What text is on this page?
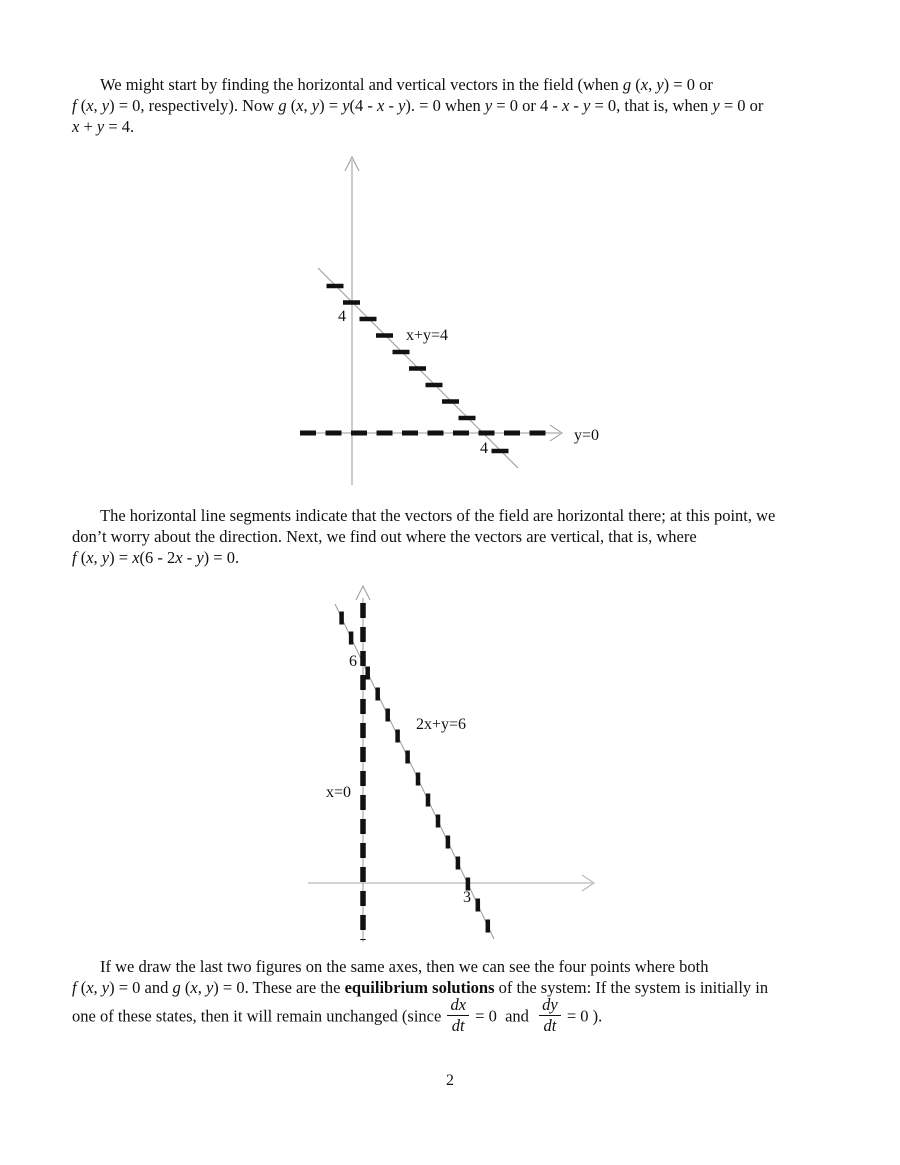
We might start by finding the horizontal and vertical vectors in the field (when g (x, y) = 0 or
f (x, y) = 0, respectively). Now g (x, y) = y(4 - x - y). = 0 when y = 0 or 4 - x - y = 0, that is, when y = 0 or
x + y = 4.
4
x+y=4
4
y=0
The horizontal line segments indicate that the vectors of the field are horizontal there; at this point, we
don’t worry about the direction. Next, we find out where the vectors are vertical, that is, where
f (x, y) = x(6 - 2x - y) = 0.
6
2x+y=6
x=0
3
If we draw the last two figures on the same axes, then we can see the four points where both
f (x, y) = 0 and g (x, y) = 0. These are the equilibrium solutions of the system: If the system is initially in
one of these states, then it will remain unchanged (since $\frac{dx}{dt} = 0$  and $\frac{dy}{dt} = 0$ ).
2
